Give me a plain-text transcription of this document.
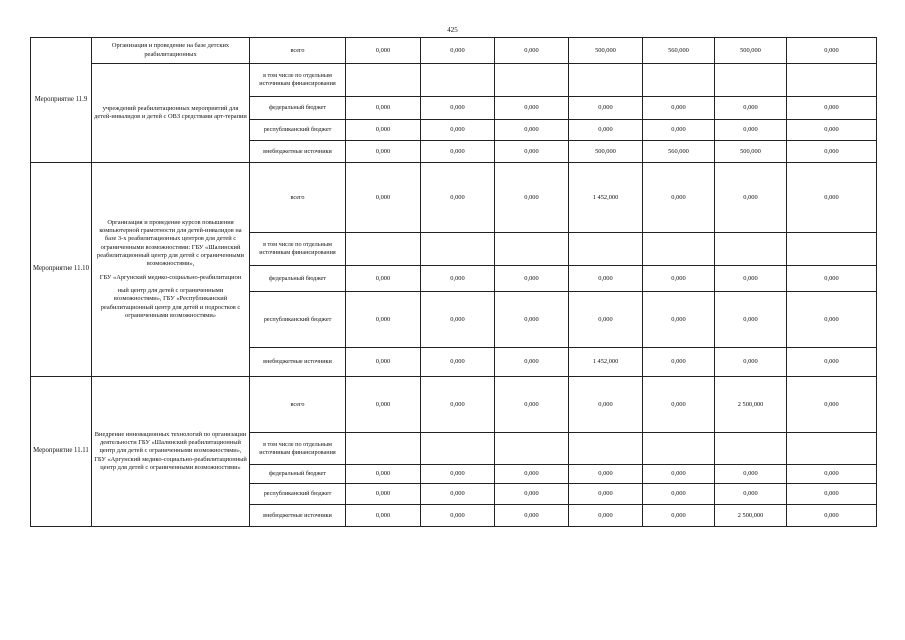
425
Мероприятие 11.9	Организация и проведение на базе детских реабилитационных	всего	0,000	0,000	0,000	500,000	560,000	500,000	0,000
	учреждений реабилитационных мероприятий для детей-инвалидов и детей с ОВЗ средствами арт-терапии	в том числе по отдельным источникам финансирования							
		федеральный бюджет	0,000	0,000	0,000	0,000	0,000	0,000	0,000
		республиканский бюджет	0,000	0,000	0,000	0,000	0,000	0,000	0,000
		внебюджетные источники	0,000	0,000	0,000	500,000	560,000	500,000	0,000

Мероприятие 11.10	Организация и проведение курсов повышения компьютерной грамотности для детей-инвалидов на базе 3-х реабилитационных центров для детей с ограниченными возможностями: ГБУ «Шалинский реабилитационный центр для детей с ограниченными возможностями»,
ГБУ «Аргунский медико-социально-реабилитацион
ный центр для детей с ограниченными возможностями», ГБУ «Республиканский реабилитационный центр для детей и подростков с ограниченными возможностями»	всего	0,000	0,000	0,000	1 452,000	0,000	0,000	0,000
		в том числе по отдельным источникам финансирования							
		федеральный бюджет	0,000	0,000	0,000	0,000	0,000	0,000	0,000
		республиканский бюджет	0,000	0,000	0,000	0,000	0,000	0,000	0,000
		внебюджетные источники	0,000	0,000	0,000	1 452,000	0,000	0,000	0,000
Мероприятие 11.11	Внедрение инновационных технологий по организации деятельности ГБУ «Шалинский реабилитационный центр для детей с ограниченными возможностями», ГБУ «Аргунский медико-социально-реабилитационный центр для детей с ограниченными возможностями»	всего	0,000	0,000	0,000	0,000	0,000	2 500,000	0,000
		в том числе по отдельным источникам финансирования							
		федеральный бюджет	0,000	0,000	0,000	0,000	0,000	0,000	0,000
		республиканский бюджет	0,000	0,000	0,000	0,000	0,000	0,000	0,000
		внебюджетные источники	0,000	0,000	0,000	0,000	0,000	2 500,000	0,000
